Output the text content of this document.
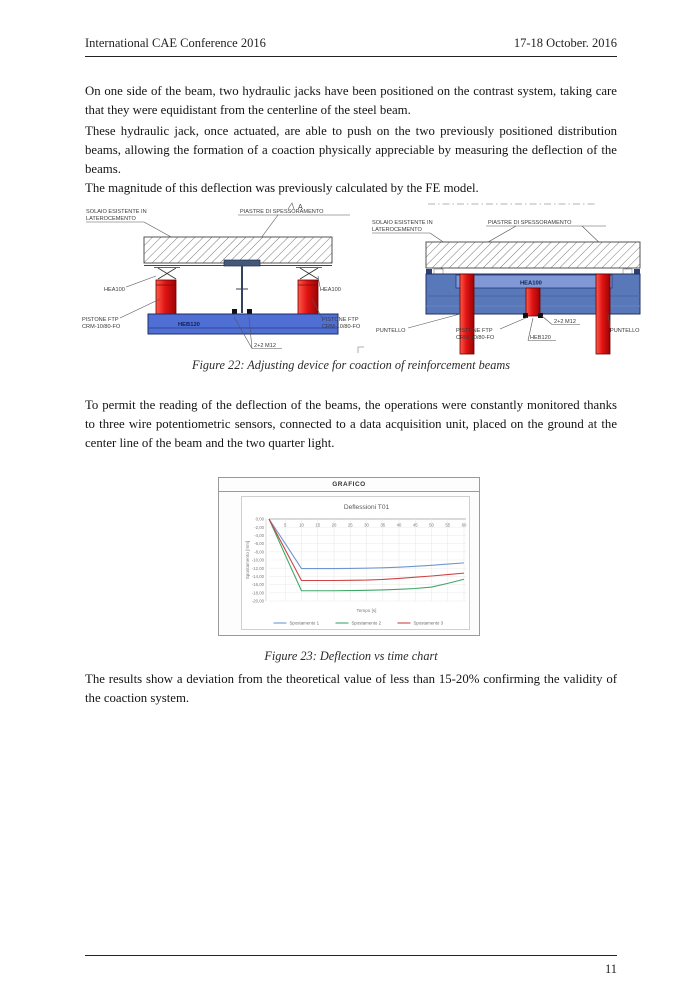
International CAE Conference 2016	17-18 October. 2016

On one side of the beam, two hydraulic jacks have been positioned on the contrast system, taking care that they were equidistant from the centerline of the steel beam.

These hydraulic jack, once actuated, are able to push on the two previously positioned distribution beams, allowing the formation of a coaction physically appreciable by measuring the deflection of the beams.

The magnitude of this deflection was previously calculated by the FE model.

A
SOLAIO ESISTENTE IN
LATEROCEMENTO
PIASTRE DI SPESSORAMENTO
HEA100	HEA100
HEB120
PISTONE FTP
CRM-10/80-FO
PISTONE FTP
CRM-10/80-FO
2+2 M12
SOLAIO ESISTENTE IN
LATEROCEMENTO
PIASTRE DI SPESSORAMENTO
HEA100
PUNTELLO	PISTONE FTP
CRM-10/80-FO
2+2 M12
HEB120
PUNTELLO
Figure 22: Adjusting device for coaction of reinforcement beams

To permit the reading of the deflection of the beams, the operations were constantly monitored thanks to three wire potentiometric sensors, connected to a data acquisition unit, placed on the ground at the center line of the beam and the two quarter light.

GRAFICO
5	10	15	20	25	30	35	40	45	50	55	60
0,00
-2,00
-4,00
-6,00
-8,00
-10,00
-12,00
-14,00
-16,00
-18,00
-20,00
Deflessioni T01
Tempo [s]
Spostamento [mm]
Spostamento 1	Spostamento 2	Spostamento 3
Figure 23: Deflection vs time chart

The results show a deviation from the theoretical value of less than 15-20% confirming the validity of the coaction system.

11
